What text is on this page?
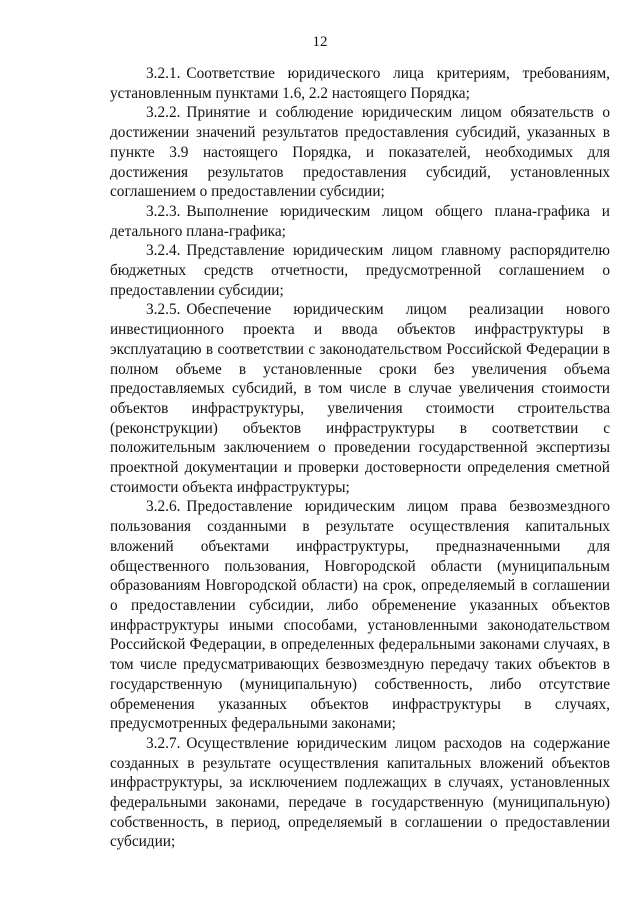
12

3.2.1. Соответствие юридического лица критериям, требованиям, установленным пунктами 1.6, 2.2 настоящего Порядка;

3.2.2. Принятие и соблюдение юридическим лицом обязательств о достижении значений результатов предоставления субсидий, указанных в пункте 3.9 настоящего Порядка, и показателей, необходимых для достижения результатов предоставления субсидий, установленных соглашением о предоставлении субсидии;

3.2.3. Выполнение юридическим лицом общего плана-графика и детального плана-графика;

3.2.4. Представление юридическим лицом главному распорядителю бюджетных средств отчетности, предусмотренной соглашением о предоставлении субсидии;

3.2.5. Обеспечение юридическим лицом реализации нового инвестиционного проекта и ввода объектов инфраструктуры в эксплуатацию в соответствии с законодательством Российской Федерации в полном объеме в установленные сроки без увеличения объема предоставляемых субсидий, в том числе в случае увеличения стоимости объектов инфраструктуры, увеличения стоимости строительства (реконструкции) объектов инфраструктуры в соответствии с положительным заключением о проведении государственной экспертизы проектной документации и проверки достоверности определения сметной стоимости объекта инфраструктуры;

3.2.6. Предоставление юридическим лицом права безвозмездного пользования созданными в результате осуществления капитальных вложений объектами инфраструктуры, предназначенными для общественного пользования, Новгородской области (муниципальным образованиям Новгородской области) на срок, определяемый в соглашении о предоставлении субсидии, либо обременение указанных объектов инфраструктуры иными способами, установленными законодательством Российской Федерации, в определенных федеральными законами случаях, в том числе предусматривающих безвозмездную передачу таких объектов в государственную (муниципальную) собственность, либо отсутствие обременения указанных объектов инфраструктуры в случаях, предусмотренных федеральными законами;

3.2.7. Осуществление юридическим лицом расходов на содержание созданных в результате осуществления капитальных вложений объектов инфраструктуры, за исключением подлежащих в случаях, установленных федеральными законами, передаче в государственную (муниципальную) собственность, в период, определяемый в соглашении о предоставлении субсидии;
